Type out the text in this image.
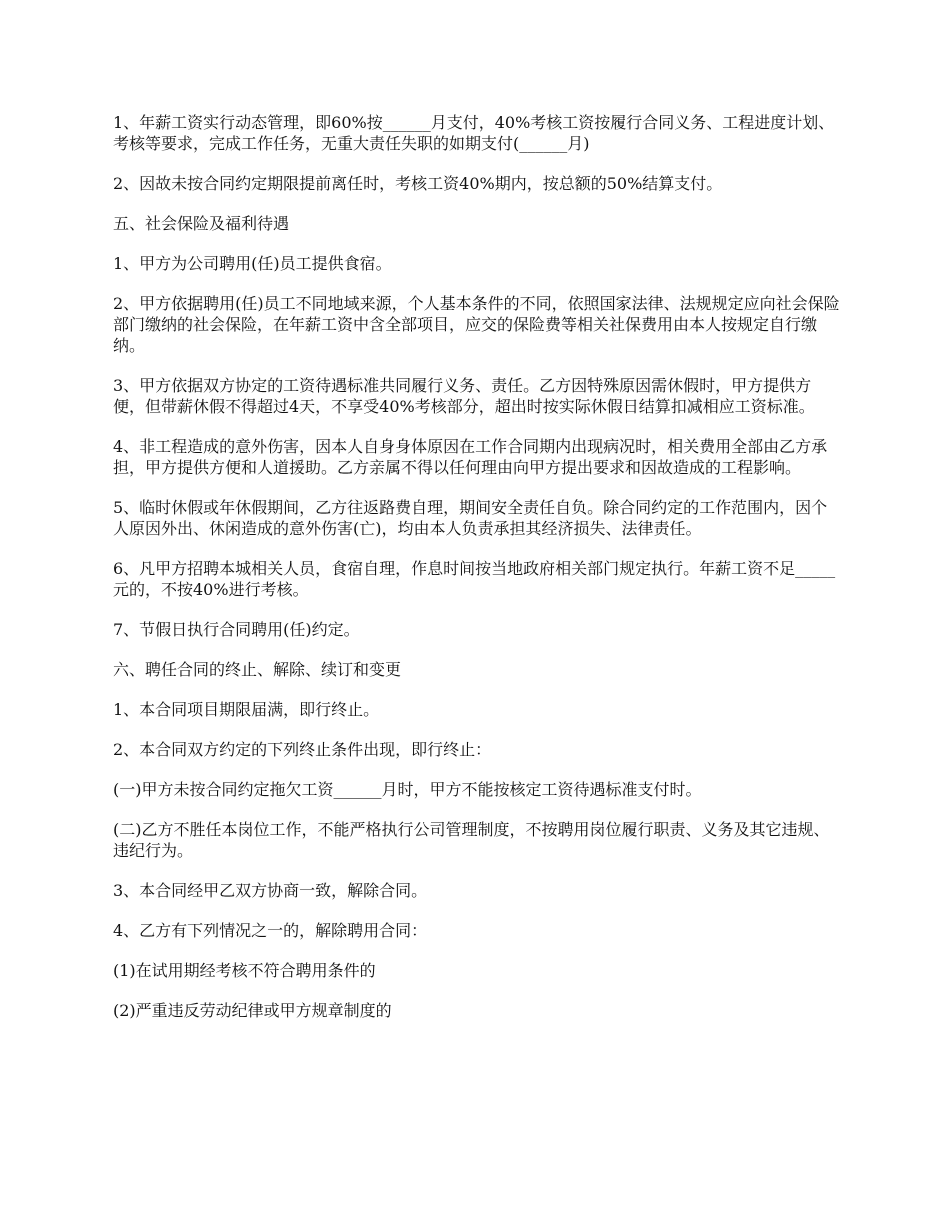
1、年薪工资实行动态管理，即60%按______月支付，40%考核工资按履行合同义务、工程进度计划、考核等要求，完成工作任务，无重大责任失职的如期支付(______月)

2、因故未按合同约定期限提前离任时，考核工资40%期内，按总额的50%结算支付。

五、社会保险及福利待遇

1、甲方为公司聘用(任)员工提供食宿。

2、甲方依据聘用(任)员工不同地域来源，个人基本条件的不同，依照国家法律、法规规定应向社会保险部门缴纳的社会保险，在年薪工资中含全部项目，应交的保险费等相关社保费用由本人按规定自行缴纳。

3、甲方依据双方协定的工资待遇标准共同履行义务、责任。乙方因特殊原因需休假时，甲方提供方便，但带薪休假不得超过4天，不享受40%考核部分，超出时按实际休假日结算扣减相应工资标准。

4、非工程造成的意外伤害，因本人自身身体原因在工作合同期内出现病况时，相关费用全部由乙方承担，甲方提供方便和人道援助。乙方亲属不得以任何理由向甲方提出要求和因故造成的工程影响。

5、临时休假或年休假期间，乙方往返路费自理，期间安全责任自负。除合同约定的工作范围内，因个人原因外出、休闲造成的意外伤害(亡)，均由本人负责承担其经济损失、法律责任。

6、凡甲方招聘本城相关人员，食宿自理，作息时间按当地政府相关部门规定执行。年薪工资不足_____元的，不按40%进行考核。

7、节假日执行合同聘用(任)约定。

六、聘任合同的终止、解除、续订和变更

1、本合同项目期限届满，即行终止。

2、本合同双方约定的下列终止条件出现，即行终止：

(一)甲方未按合同约定拖欠工资______月时，甲方不能按核定工资待遇标准支付时。

(二)乙方不胜任本岗位工作，不能严格执行公司管理制度，不按聘用岗位履行职责、义务及其它违规、违纪行为。

3、本合同经甲乙双方协商一致，解除合同。

4、乙方有下列情况之一的，解除聘用合同：

(1)在试用期经考核不符合聘用条件的

(2)严重违反劳动纪律或甲方规章制度的
